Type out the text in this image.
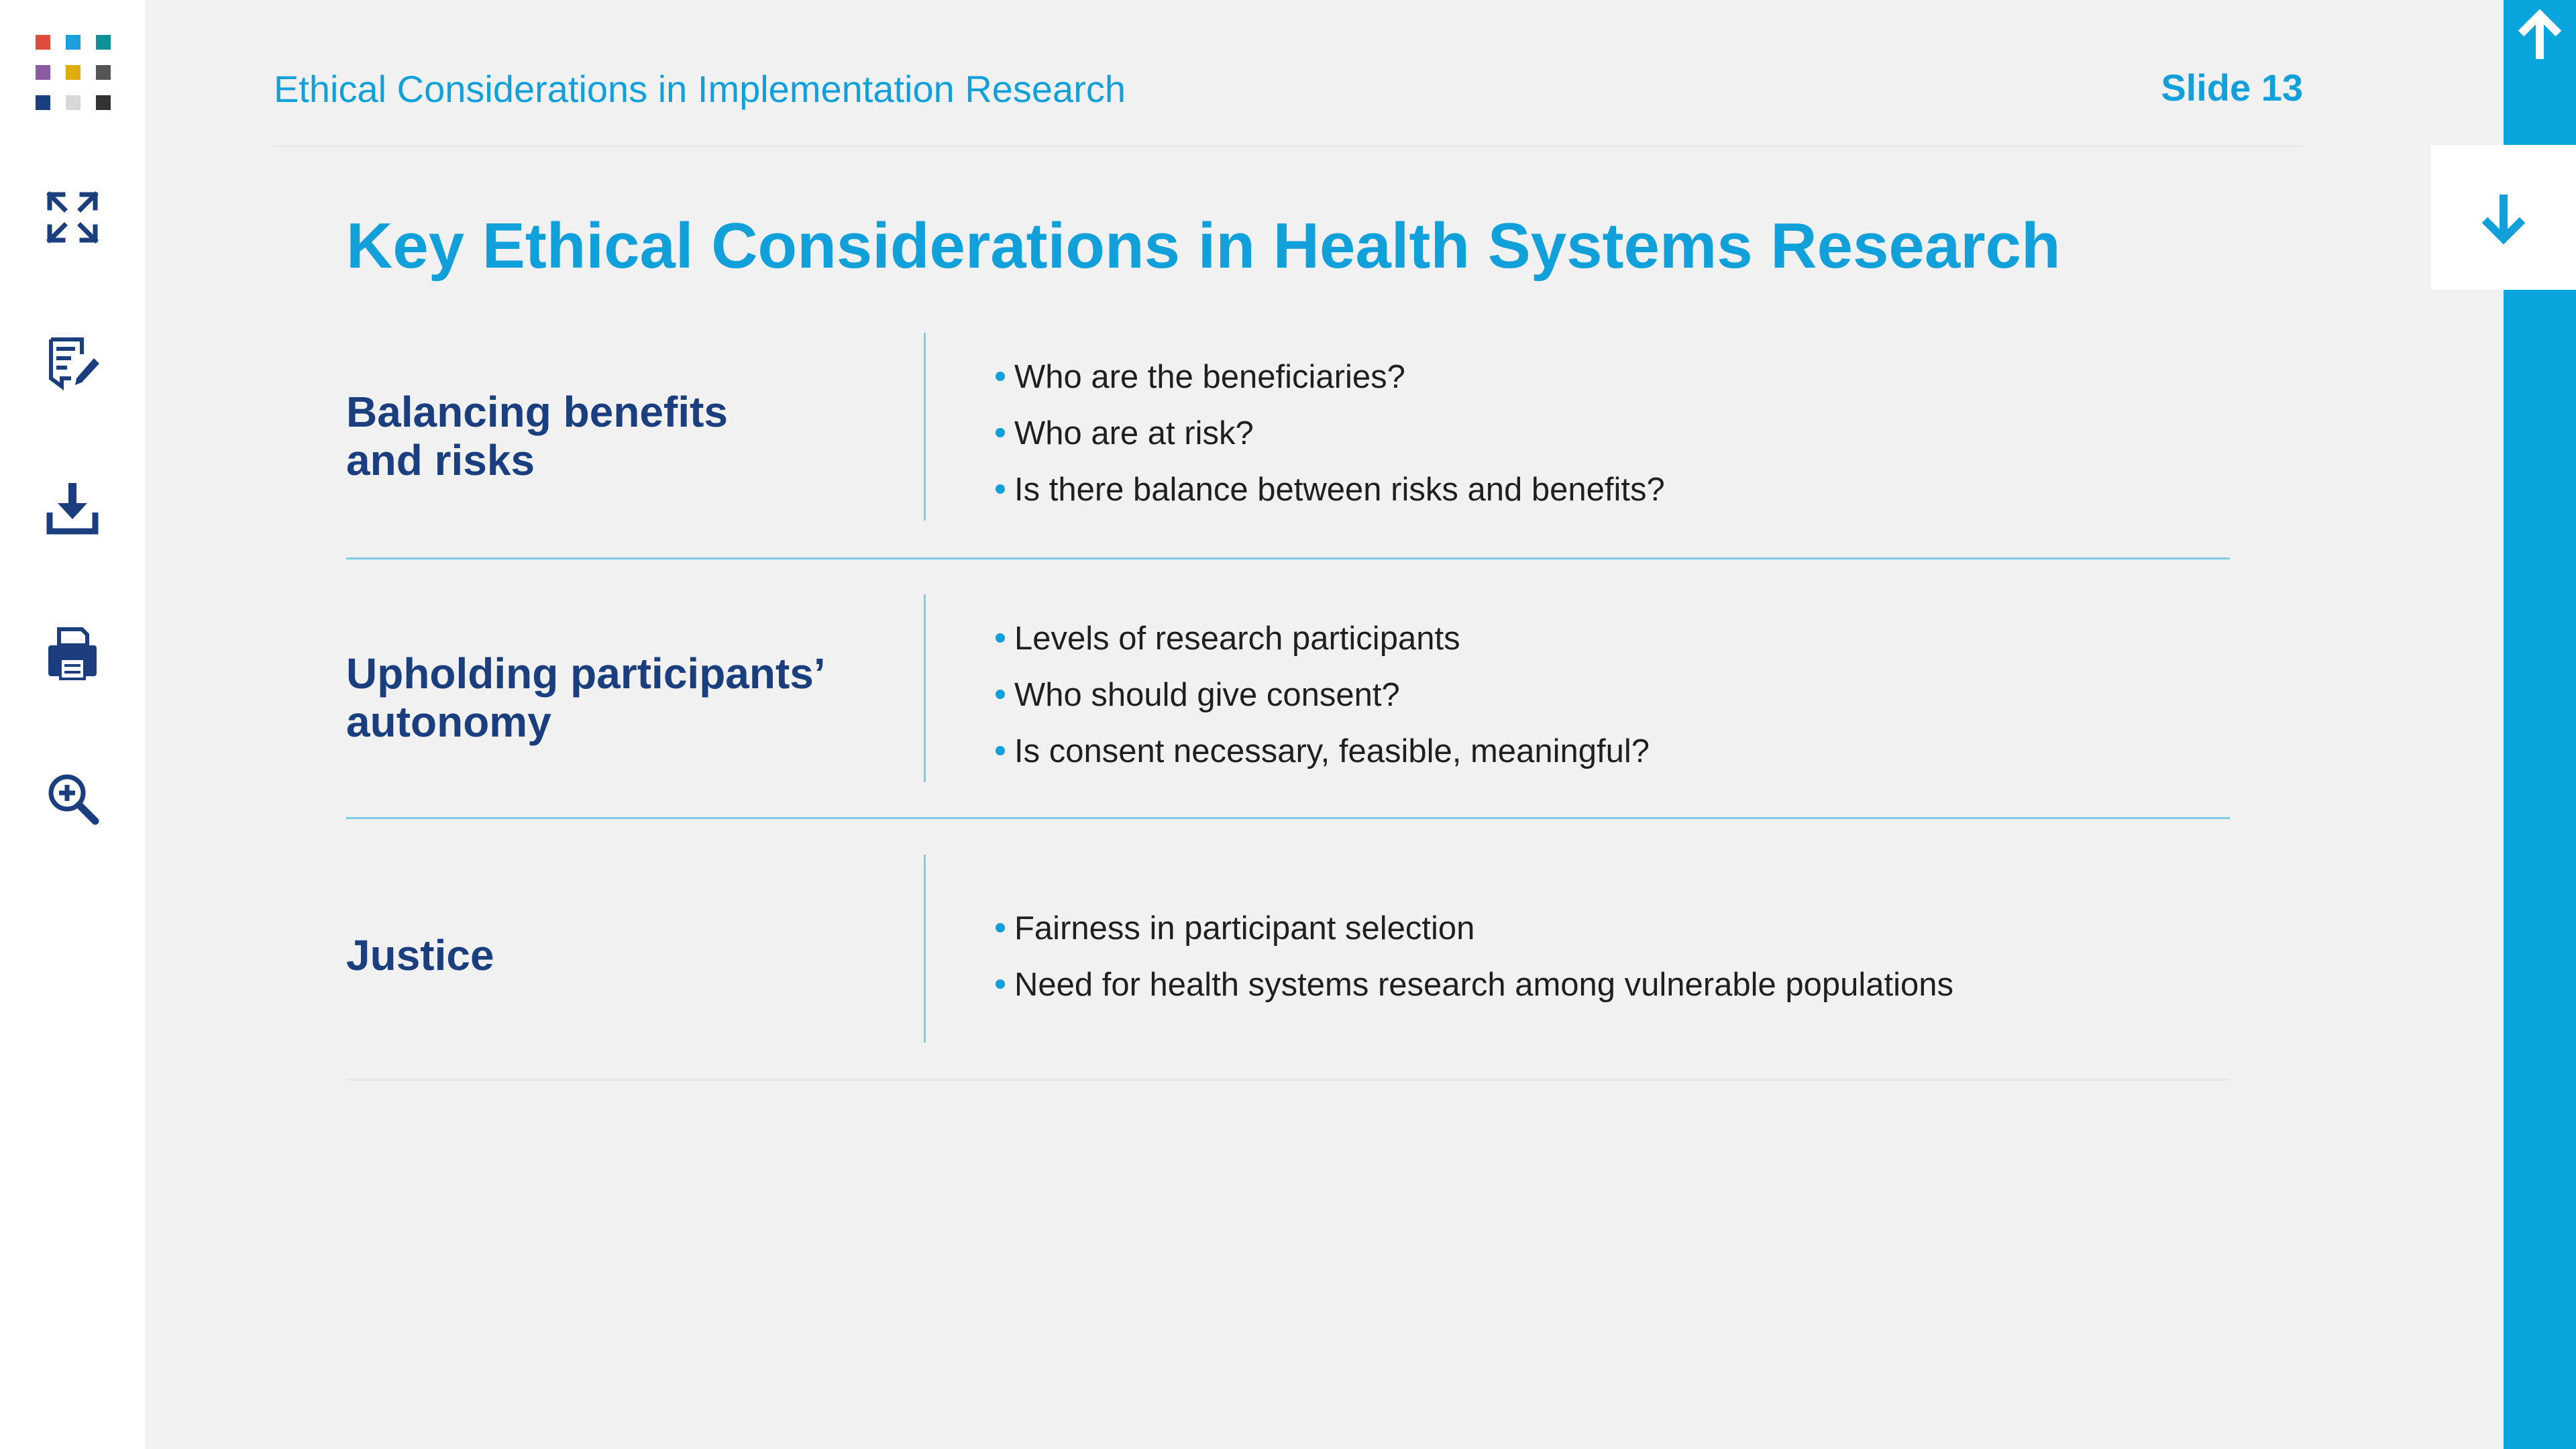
Ethical Considerations in Implementation Research	Slide 13
Key Ethical Considerations in Health Systems Research
Balancing benefits
and risks
Who are the beneficiaries?
Who are at risk?
Is there balance between risks and benefits?
Upholding participants’
autonomy
Levels of research participants
Who should give consent?
Is consent necessary, feasible, meaningful?
Justice
Fairness in participant selection
Need for health systems research among vulnerable populations
